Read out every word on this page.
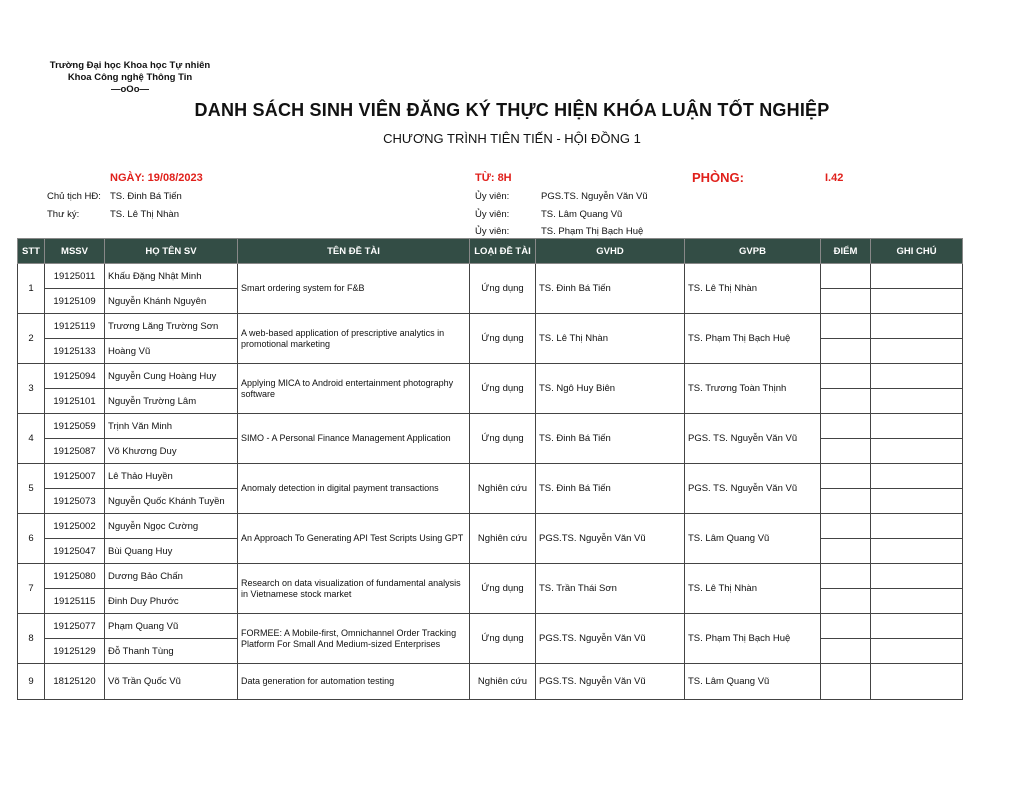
Trường Đại học Khoa học Tự nhiên
Khoa Công nghệ Thông Tin
—oOo—
DANH SÁCH SINH VIÊN ĐĂNG KÝ THỰC HIỆN KHÓA LUẬN TỐT NGHIỆP
CHƯƠNG TRÌNH TIÊN TIẾN - HỘI ĐỒNG 1
NGÀY: 19/08/2023	TỪ: 8H	PHÒNG:	I.42
Chủ tịch HĐ: TS. Đinh Bá Tiến
Thư ký:	TS. Lê Thị Nhàn
Ủy viên:	PGS.TS. Nguyễn Văn Vũ
Ủy viên:	TS. Lâm Quang Vũ
Ủy viên:	TS. Phạm Thị Bạch Huệ
STT	MSSV	HỌ TÊN SV	TÊN ĐỀ TÀI	LOẠI ĐỀ TÀI	GVHD	GVPB	ĐIỂM	GHI CHÚ
1	19125011	Khấu Đặng Nhật Minh	Smart ordering system for F&B	Ứng dụng	TS. Đinh Bá Tiến	TS. Lê Thị Nhàn		
	19125109	Nguyễn Khánh Nguyên						
2	19125119	Trương Lăng Trường Sơn	A web-based application of prescriptive analytics in promotional marketing	Ứng dụng	TS. Lê Thị Nhàn	TS. Phạm Thị Bạch Huệ		
	19125133	Hoàng Vũ						
3	19125094	Nguyễn Cung Hoàng Huy	Applying MICA to Android entertainment photography software	Ứng dụng	TS. Ngô Huy Biên	TS. Trương Toàn Thịnh		
	19125101	Nguyễn Trường Lâm						
4	19125059	Trịnh Văn Minh	SIMO - A Personal Finance Management Application	Ứng dụng	TS. Đinh Bá Tiến	PGS. TS. Nguyễn Văn Vũ		
	19125087	Võ Khương Duy						
5	19125007	Lê Thảo Huyền	Anomaly detection in digital payment transactions	Nghiên cứu	TS. Đinh Bá Tiến	PGS. TS. Nguyễn Văn Vũ		
	19125073	Nguyễn Quốc Khánh Tuyền						
6	19125002	Nguyễn Ngọc Cường	An Approach To Generating API Test Scripts Using GPT	Nghiên cứu	PGS.TS. Nguyễn Văn Vũ	TS. Lâm Quang Vũ		
	19125047	Bùi Quang Huy						
7	19125080	Dương Bảo Chấn	Research on data visualization of fundamental analysis in Vietnamese stock market	Ứng dụng	TS. Trần Thái Sơn	TS. Lê Thị Nhàn		
	19125115	Đinh Duy Phước						
8	19125077	Phạm Quang Vũ	FORMEE: A Mobile-first, Omnichannel Order Tracking Platform For Small And Medium-sized Enterprises	Ứng dụng	PGS.TS. Nguyễn Văn Vũ	TS. Phạm Thị Bạch Huệ		
	19125129	Đỗ Thanh Tùng						
9	18125120	Võ Trần Quốc Vũ	Data generation for automation testing	Nghiên cứu	PGS.TS. Nguyễn Văn Vũ	TS. Lâm Quang Vũ		
